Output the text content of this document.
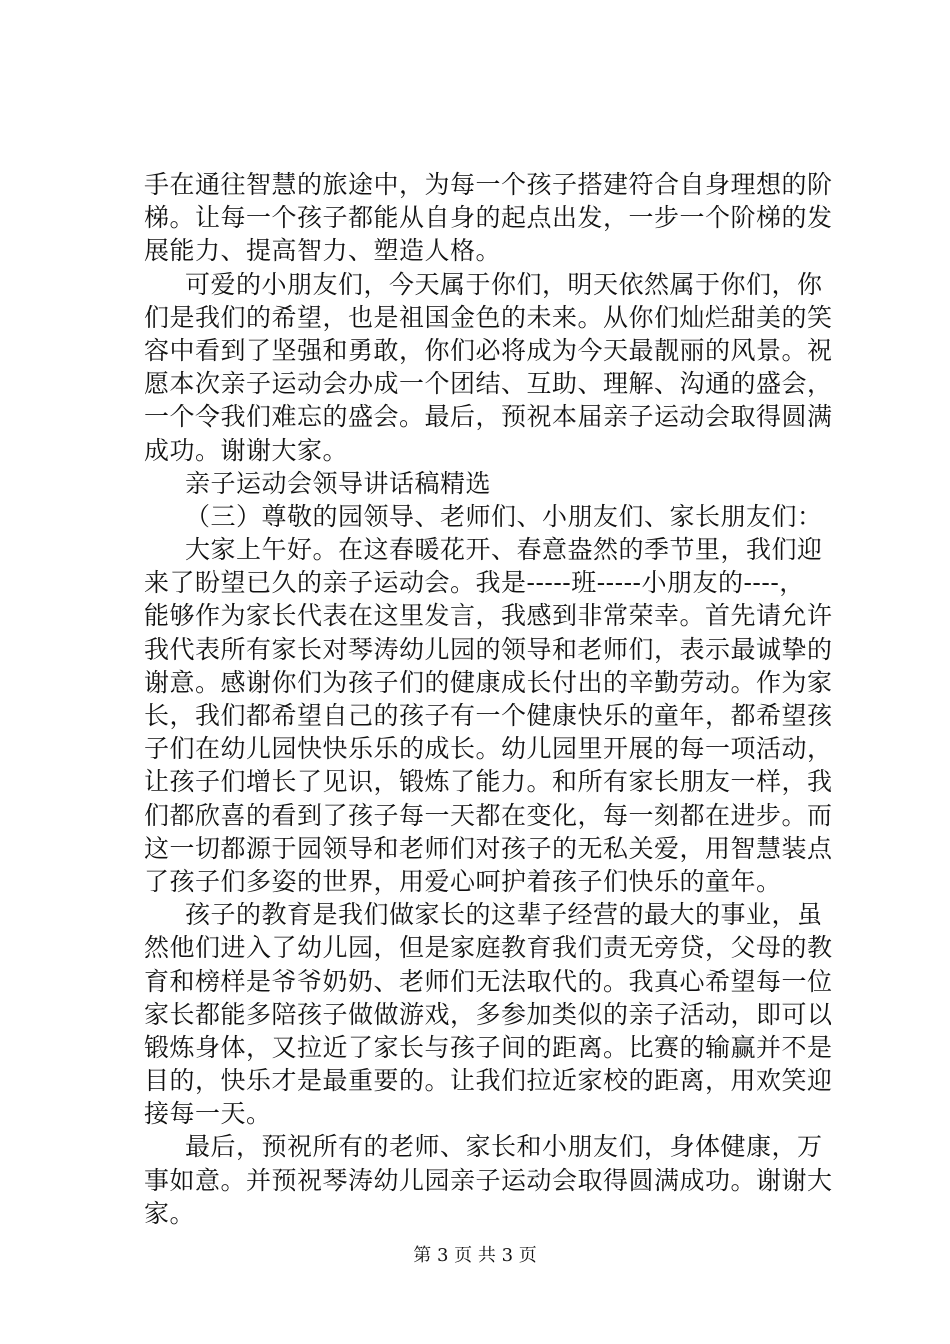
手在通往智慧的旅途中，为每一个孩子搭建符合自身理想的阶
梯。让每一个孩子都能从自身的起点出发，一步一个阶梯的发
展能力、提高智力、塑造人格。
可爱的小朋友们，今天属于你们，明天依然属于你们，你
们是我们的希望，也是祖国金色的未来。从你们灿烂甜美的笑
容中看到了坚强和勇敢，你们必将成为今天最靓丽的风景。祝
愿本次亲子运动会办成一个团结、互助、理解、沟通的盛会，
一个令我们难忘的盛会。最后，预祝本届亲子运动会取得圆满
成功。谢谢大家。
亲子运动会领导讲话稿精选
（三）尊敬的园领导、老师们、小朋友们、家长朋友们：
大家上午好。在这春暖花开、春意盎然的季节里，我们迎
来了盼望已久的亲子运动会。我是-----班-----小朋友的----，
能够作为家长代表在这里发言，我感到非常荣幸。首先请允许
我代表所有家长对琴涛幼儿园的领导和老师们，表示最诚挚的
谢意。感谢你们为孩子们的健康成长付出的辛勤劳动。作为家
长，我们都希望自己的孩子有一个健康快乐的童年，都希望孩
子们在幼儿园快快乐乐的成长。幼儿园里开展的每一项活动，
让孩子们增长了见识，锻炼了能力。和所有家长朋友一样，我
们都欣喜的看到了孩子每一天都在变化，每一刻都在进步。而
这一切都源于园领导和老师们对孩子的无私关爱，用智慧装点
了孩子们多姿的世界，用爱心呵护着孩子们快乐的童年。
孩子的教育是我们做家长的这辈子经营的最大的事业，虽
然他们进入了幼儿园，但是家庭教育我们责无旁贷，父母的教
育和榜样是爷爷奶奶、老师们无法取代的。我真心希望每一位
家长都能多陪孩子做做游戏，多参加类似的亲子活动，即可以
锻炼身体，又拉近了家长与孩子间的距离。比赛的输赢并不是
目的，快乐才是最重要的。让我们拉近家校的距离，用欢笑迎
接每一天。
最后，预祝所有的老师、家长和小朋友们，身体健康，万
事如意。并预祝琴涛幼儿园亲子运动会取得圆满成功。谢谢大
家。
第 3 页 共 3 页
